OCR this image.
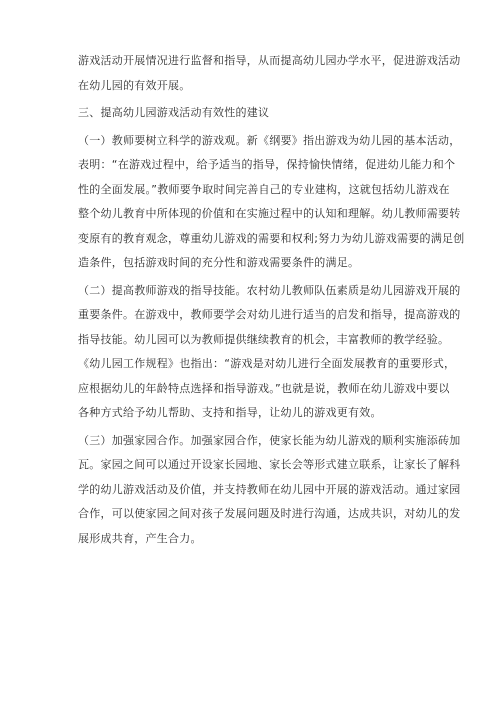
游戏活动开展情况进行监督和指导，从而提高幼儿园办学水平，促进游戏活动

在幼儿园的有效开展。

三、提高幼儿园游戏活动有效性的建议

（一）教师要树立科学的游戏观。新《纲要》指出游戏为幼儿园的基本活动，

表明：“在游戏过程中，给予适当的指导，保持愉快情绪，促进幼儿能力和个

性的全面发展。”教师要争取时间完善自己的专业建构，这就包括幼儿游戏在

整个幼儿教育中所体现的价值和在实施过程中的认知和理解。幼儿教师需要转

变原有的教育观念，尊重幼儿游戏的需要和权利;努力为幼儿游戏需要的满足创

造条件，包括游戏时间的充分性和游戏需要条件的满足。

（二）提高教师游戏的指导技能。农村幼儿教师队伍素质是幼儿园游戏开展的

重要条件。在游戏中，教师要学会对幼儿进行适当的启发和指导，提高游戏的

指导技能。幼儿园可以为教师提供继续教育的机会，丰富教师的教学经验。

《幼儿园工作规程》也指出：“游戏是对幼儿进行全面发展教育的重要形式，

应根据幼儿的年龄特点选择和指导游戏。”也就是说，教师在幼儿游戏中要以

各种方式给予幼儿帮助、支持和指导，让幼儿的游戏更有效。

（三）加强家园合作。加强家园合作，使家长能为幼儿游戏的顺利实施添砖加

瓦。家园之间可以通过开设家长园地、家长会等形式建立联系，让家长了解科

学的幼儿游戏活动及价值，并支持教师在幼儿园中开展的游戏活动。通过家园

合作，可以使家园之间对孩子发展问题及时进行沟通，达成共识，对幼儿的发

展形成共育，产生合力。
